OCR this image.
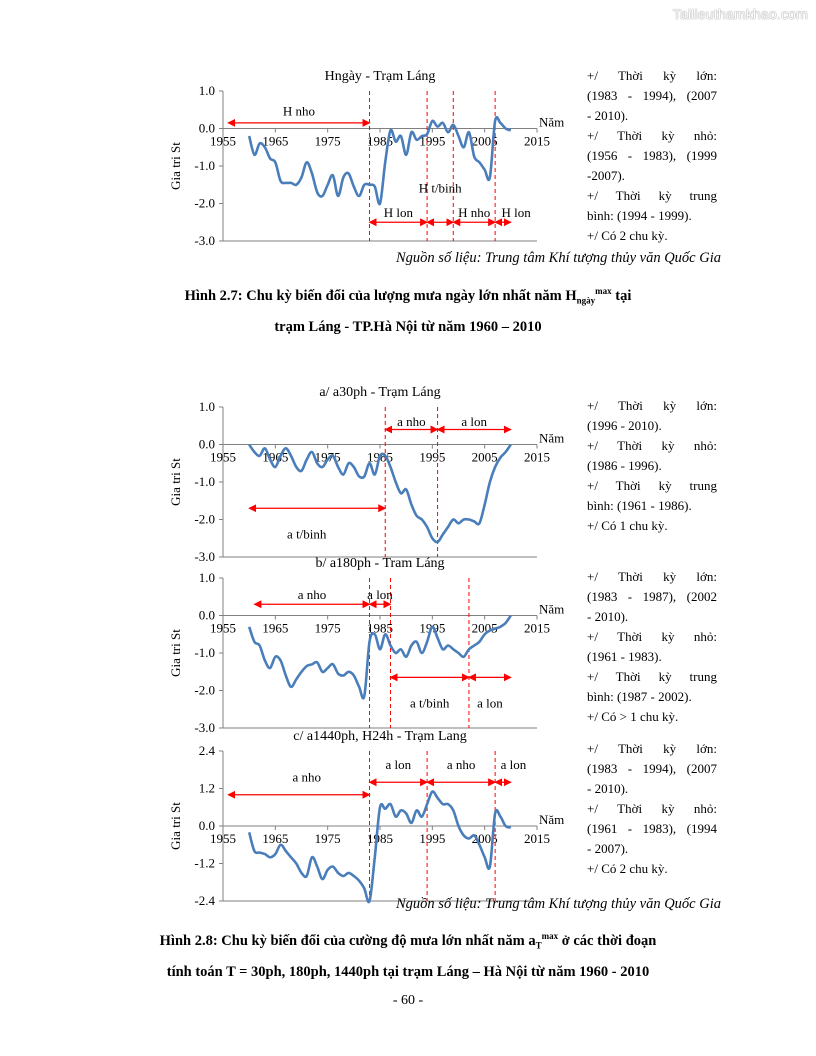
Tailieuthamkhao.com
Hngày - Trạm Láng
Gia tri St
1.0
0.0
-1.0
-2.0
-3.0
1955 1965 1975 1985 1995 2005 2015
Năm
H nho
H t/binh
H lon	H nho H lon
+/ Thời kỳ lớn:
(1983 - 1994), (2007
- 2010).
+/ Thời kỳ nhỏ:
(1956 - 1983), (1999
-2007).
+/ Thời kỳ trung
bình: (1994 - 1999).
+/ Có 2 chu kỳ.
Nguồn số liệu: Trung tâm Khí tượng thủy văn Quốc Gia
Hình 2.7: Chu kỳ biến đổi của lượng mưa ngày lớn nhất năm $H_{ngày}^{max}$ tại
trạm Láng - TP.Hà Nội từ năm 1960 – 2010
a/ a30ph - Trạm Láng
Gia tri St
1.0
0.0
-1.0
-2.0
-3.0
1955 1965 1975 1985 1995 2005 2015
Năm
a nho	a lon
a t/binh
+/ Thời kỳ lớn:
(1996 - 2010).
+/ Thời kỳ nhỏ:
(1986 - 1996).
+/ Thời kỳ trung
bình: (1961 - 1986).
+/ Có 1 chu kỳ.
b/ a180ph - Tram Láng
Gia tri St
1.0
0.0
-1.0
-2.0
-3.0
1955 1965 1975 1985 1995 2005 2015
Năm
a nho	a lon
a t/binh a lon
+/ Thời kỳ lớn:
(1983 - 1987), (2002
- 2010).
+/ Thời kỳ nhỏ:
(1961 - 1983).
+/ Thời kỳ trung
bình: (1987 - 2002).
+/ Có > 1 chu kỳ.
c/ a1440ph, H24h - Trạm Lang
Gia tri St
2.4
1.2
0.0
-1.2
-2.4
1955 1965 1975 1985 1995 2005 2015
Năm
a nho
a lon	a nho a lon
+/ Thời kỳ lớn:
(1983 - 1994), (2007
- 2010).
+/ Thời kỳ nhỏ:
(1961 - 1983), (1994
- 2007).
+/ Có 2 chu kỳ.
Nguồn số liệu: Trung tâm Khí tượng thủy văn Quốc Gia
Hình 2.8: Chu kỳ biến đổi của cường độ mưa lớn nhất năm $a_T^{max}$ ở các thời đoạn
tính toán T = 30ph, 180ph, 1440ph tại trạm Láng – Hà Nội từ năm 1960 - 2010
- 60 -
